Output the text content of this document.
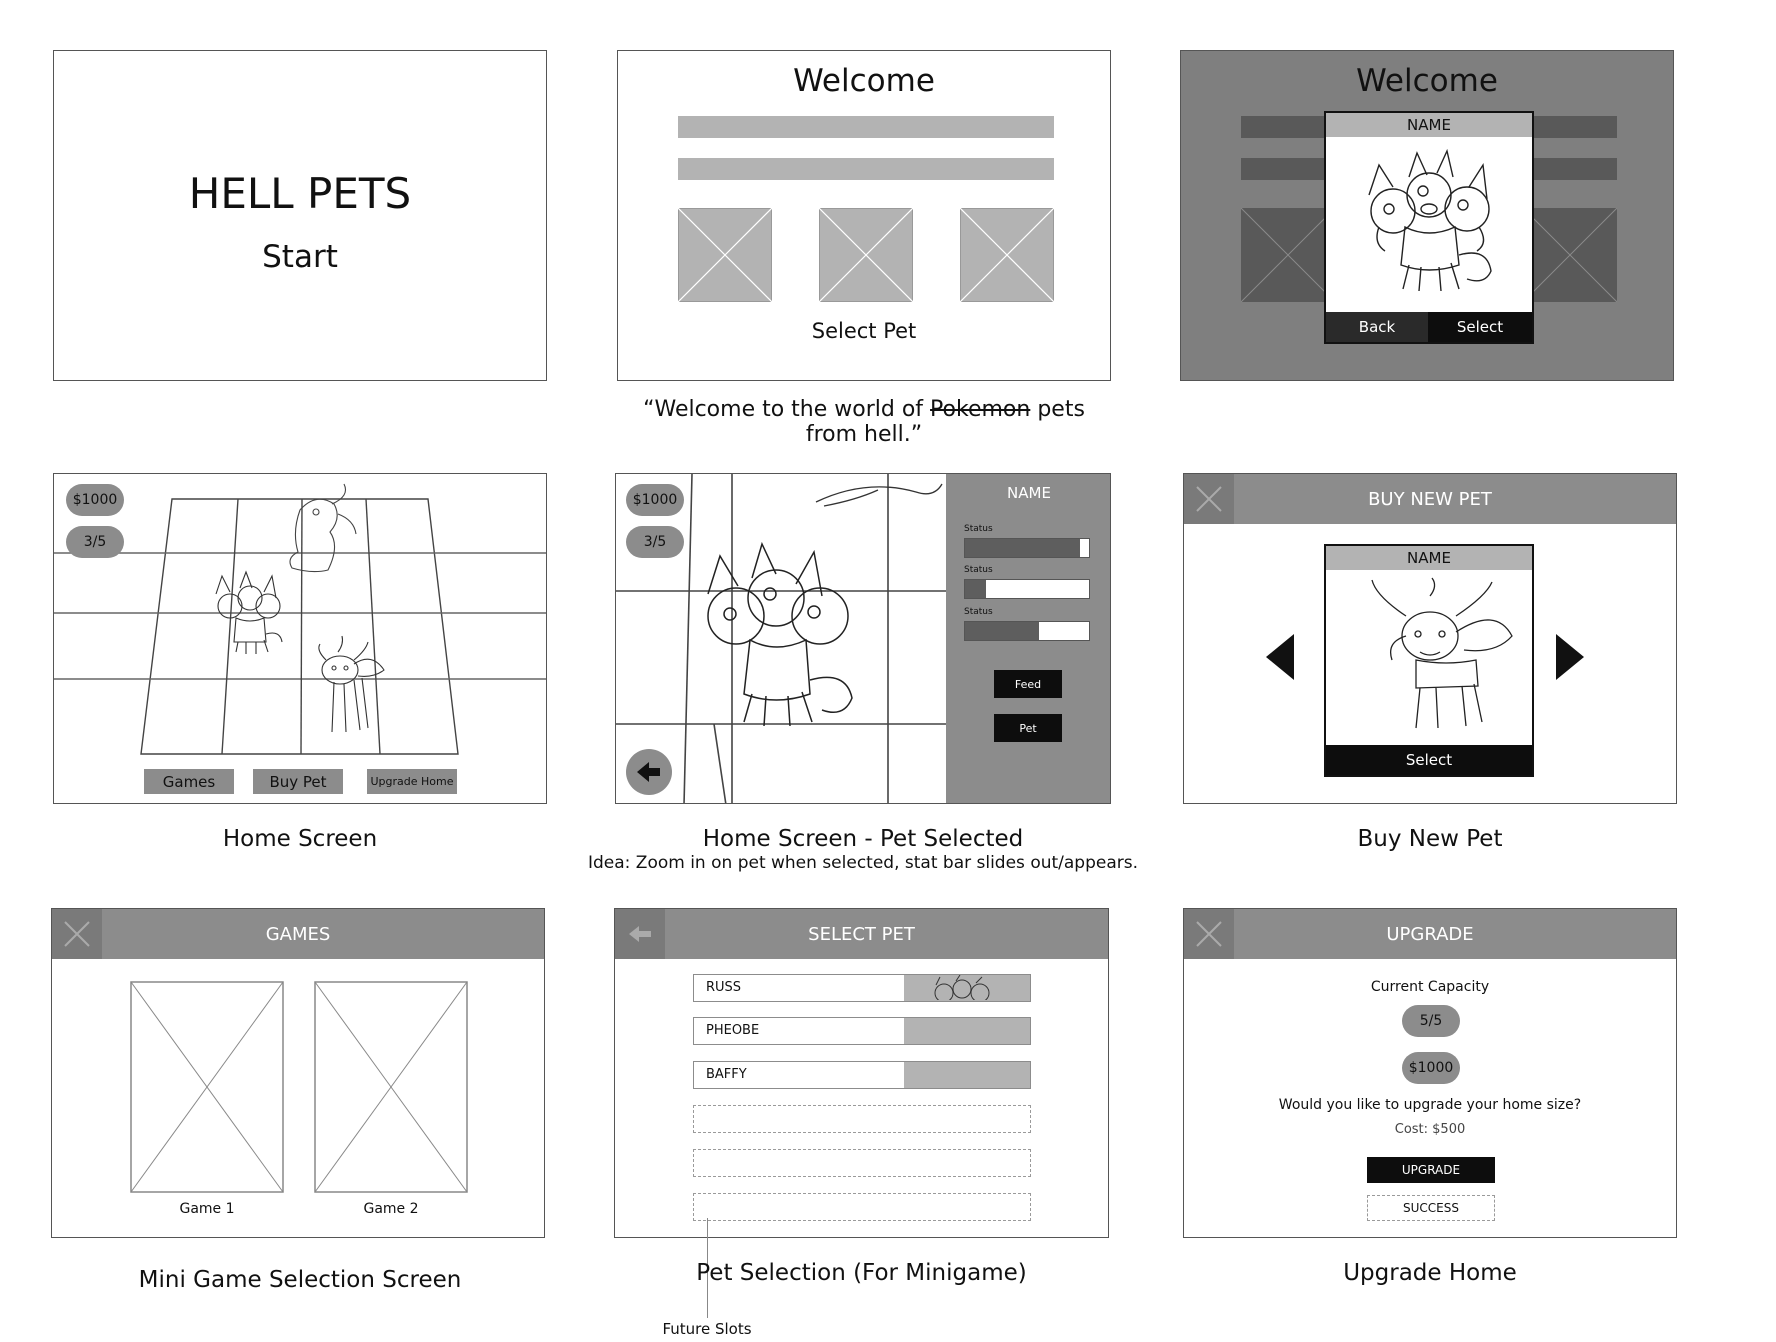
HELL PETS
Start
Welcome
Select Pet
“Welcome to the world of Pokemon pets from hell.”
Welcome
NAME
Back	Select
$1000
3/5
Games	Buy Pet	Upgrade Home
Home Screen
$1000
3/5
NAME
Status
Status
Status
Feed
Pet
Home Screen - Pet Selected
Idea: Zoom in on pet when selected, stat bar slides out/appears.
BUY NEW PET
NAME
Select
Buy New Pet
GAMES
Game 1	Game 2
Mini Game Selection Screen
SELECT PET
RUSS
PHEOBE
BAFFY
Pet Selection (For Minigame)
Future Slots
UPGRADE
Current Capacity
5/5
$1000
Would you like to upgrade your home size?
Cost: $500
UPGRADE
SUCCESS
Upgrade Home
